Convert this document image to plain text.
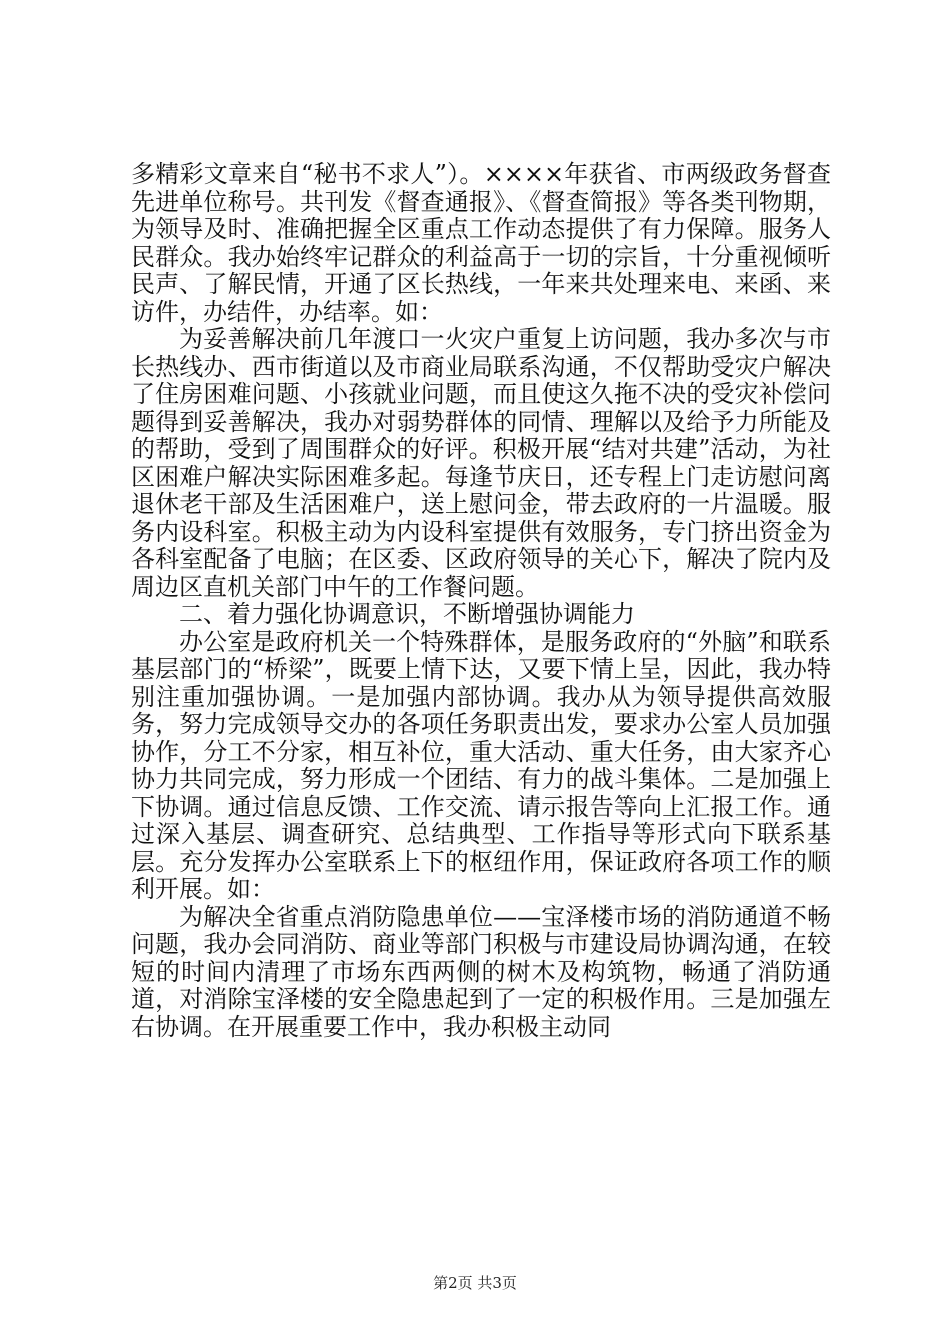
多精彩文章来自“秘书不求人”）。××××年获省、市两级政务督查先进单位称号。共刊发《督查通报》、《督查简报》等各类刊物期，为领导及时、准确把握全区重点工作动态提供了有力保障。服务人民群众。我办始终牢记群众的利益高于一切的宗旨，十分重视倾听民声、了解民情，开通了区长热线，一年来共处理来电、来函、来访件，办结件，办结率。如：

为妥善解决前几年渡口一火灾户重复上访问题，我办多次与市长热线办、西市街道以及市商业局联系沟通，不仅帮助受灾户解决了住房困难问题、小孩就业问题，而且使这久拖不决的受灾补偿问题得到妥善解决，我办对弱势群体的同情、理解以及给予力所能及的帮助，受到了周围群众的好评。积极开展“结对共建”活动，为社区困难户解决实际困难多起。每逢节庆日，还专程上门走访慰问离退休老干部及生活困难户，送上慰问金，带去政府的一片温暖。服务内设科室。积极主动为内设科室提供有效服务，专门挤出资金为各科室配备了电脑；在区委、区政府领导的关心下，解决了院内及周边区直机关部门中午的工作餐问题。

二、着力强化协调意识，不断增强协调能力

办公室是政府机关一个特殊群体，是服务政府的“外脑”和联系基层部门的“桥梁”，既要上情下达，又要下情上呈，因此，我办特别注重加强协调。一是加强内部协调。我办从为领导提供高效服务，努力完成领导交办的各项任务职责出发，要求办公室人员加强协作，分工不分家，相互补位，重大活动、重大任务，由大家齐心协力共同完成，努力形成一个团结、有力的战斗集体。二是加强上下协调。通过信息反馈、工作交流、请示报告等向上汇报工作。通过深入基层、调查研究、总结典型、工作指导等形式向下联系基层。充分发挥办公室联系上下的枢纽作用，保证政府各项工作的顺利开展。如：

为解决全省重点消防隐患单位——宝泽楼市场的消防通道不畅问题，我办会同消防、商业等部门积极与市建设局协调沟通，在较短的时间内清理了市场东西两侧的树木及构筑物，畅通了消防通道，对消除宝泽楼的安全隐患起到了一定的积极作用。三是加强左右协调。在开展重要工作中，我办积极主动同

第2页 共3页
